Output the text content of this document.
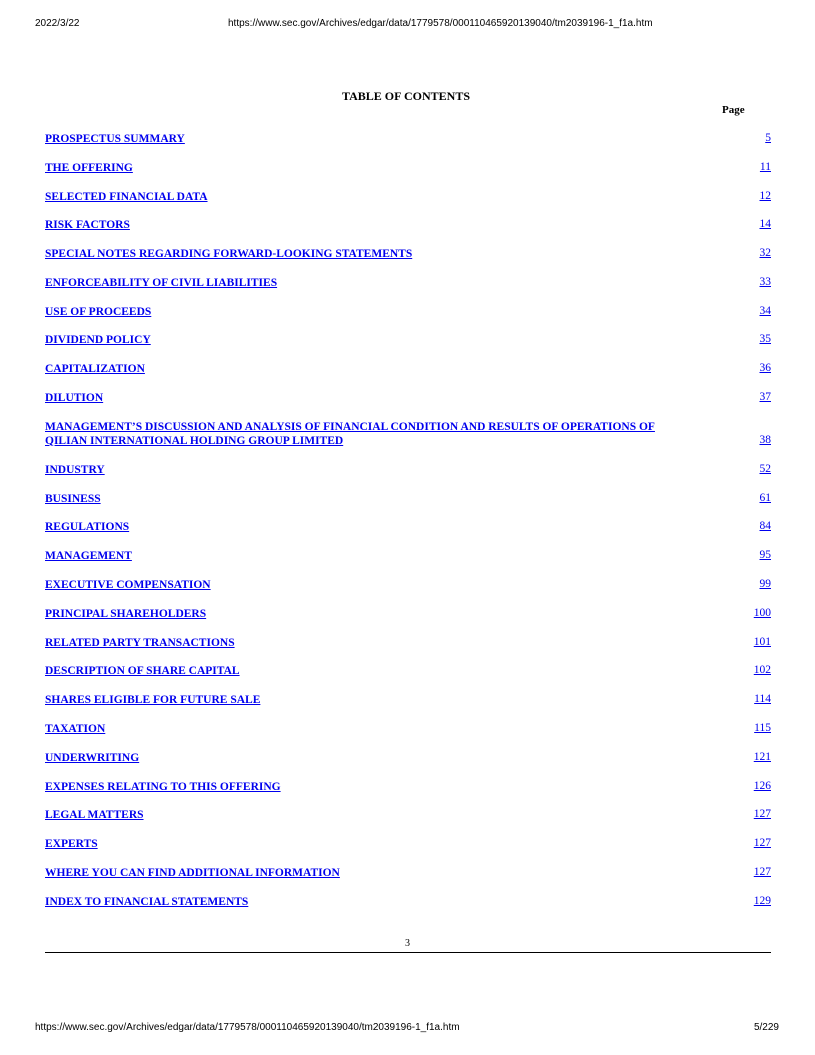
2022/3/22	https://www.sec.gov/Archives/edgar/data/1779578/000110465920139040/tm2039196-1_f1a.htm
TABLE OF CONTENTS
Page
PROSPECTUS SUMMARY	5
THE OFFERING	11
SELECTED FINANCIAL DATA	12
RISK FACTORS	14
SPECIAL NOTES REGARDING FORWARD-LOOKING STATEMENTS	32
ENFORCEABILITY OF CIVIL LIABILITIES	33
USE OF PROCEEDS	34
DIVIDEND POLICY	35
CAPITALIZATION	36
DILUTION	37
MANAGEMENT’S DISCUSSION AND ANALYSIS OF FINANCIAL CONDITION AND RESULTS OF OPERATIONS OF QILIAN INTERNATIONAL HOLDING GROUP LIMITED	38
INDUSTRY	52
BUSINESS	61
REGULATIONS	84
MANAGEMENT	95
EXECUTIVE COMPENSATION	99
PRINCIPAL SHAREHOLDERS	100
RELATED PARTY TRANSACTIONS	101
DESCRIPTION OF SHARE CAPITAL	102
SHARES ELIGIBLE FOR FUTURE SALE	114
TAXATION	115
UNDERWRITING	121
EXPENSES RELATING TO THIS OFFERING	126
LEGAL MATTERS	127
EXPERTS	127
WHERE YOU CAN FIND ADDITIONAL INFORMATION	127
INDEX TO FINANCIAL STATEMENTS	129
3
https://www.sec.gov/Archives/edgar/data/1779578/000110465920139040/tm2039196-1_f1a.htm	5/229
